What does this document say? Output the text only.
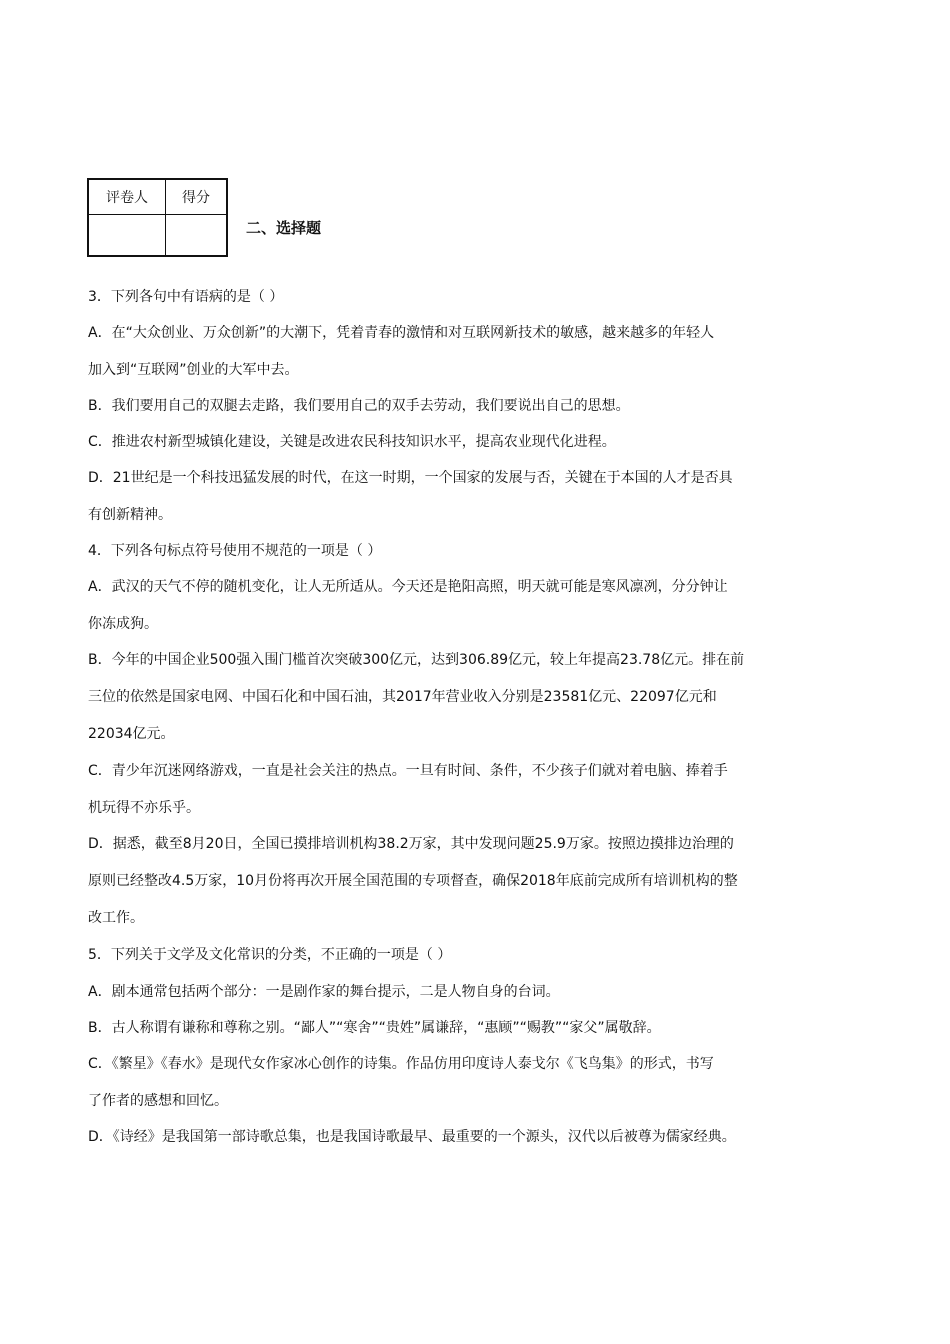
评卷人	得分

二、选择题
3．下列各句中有语病的是（ ）
A．在“大众创业、万众创新”的大潮下，凭着青春的激情和对互联网新技术的敏感，越来越多的年轻人
加入到“互联网”创业的大军中去。
B．我们要用自己的双腿去走路，我们要用自己的双手去劳动，我们要说出自己的思想。
C．推进农村新型城镇化建设，关键是改进农民科技知识水平，提高农业现代化进程。
D．21世纪是一个科技迅猛发展的时代，在这一时期，一个国家的发展与否，关键在于本国的人才是否具
有创新精神。
4．下列各句标点符号使用不规范的一项是（ ）
A．武汉的天气不停的随机变化，让人无所适从。今天还是艳阳高照，明天就可能是寒风凛冽，分分钟让
你冻成狗。
B．今年的中国企业500强入围门槛首次突破300亿元，达到306.89亿元，较上年提高23.78亿元。排在前
三位的依然是国家电网、中国石化和中国石油，其2017年营业收入分别是23581亿元、22097亿元和
22034亿元。
C．青少年沉迷网络游戏，一直是社会关注的热点。一旦有时间、条件，不少孩子们就对着电脑、捧着手
机玩得不亦乐乎。
D．据悉，截至8月20日，全国已摸排培训机构38.2万家，其中发现问题25.9万家。按照边摸排边治理的
原则已经整改4.5万家，10月份将再次开展全国范围的专项督查，确保2018年底前完成所有培训机构的整
改工作。
5．下列关于文学及文化常识的分类，不正确的一项是（ ）
A．剧本通常包括两个部分：一是剧作家的舞台提示，二是人物自身的台词。
B．古人称谓有谦称和尊称之别。“鄙人”“寒舍”“贵姓”属谦辞，“惠顾”“赐教”“家父”属敬辞。
C．《繁星》《春水》是现代女作家冰心创作的诗集。作品仿用印度诗人泰戈尔《飞鸟集》的形式，书写
了作者的感想和回忆。
D．《诗经》是我国第一部诗歌总集，也是我国诗歌最早、最重要的一个源头，汉代以后被尊为儒家经典。
